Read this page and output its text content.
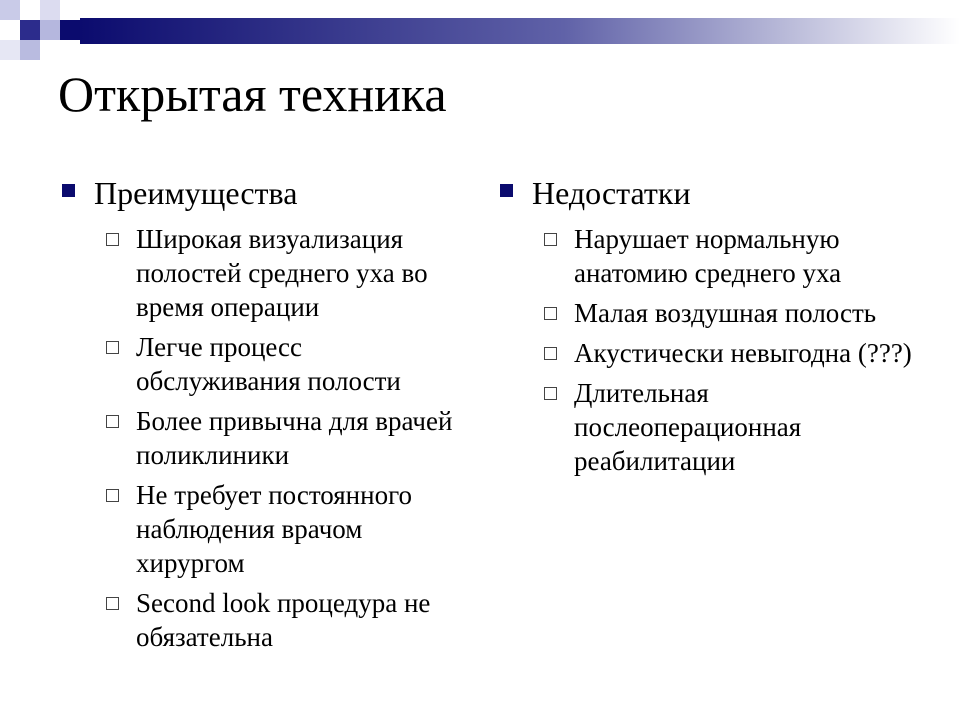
Открытая техника
Преимущества
Широкая визуализация полостей среднего уха во время операции
Легче процесс обслуживания полости
Более привычна для врачей поликлиники
Не требует постоянного наблюдения врачом хирургом
Second look процедура не обязательна
Недостатки
Нарушает нормальную анатомию среднего уха
Малая воздушная полость
Акустически невыгодна (???)
Длительная послеоперационная реабилитации
